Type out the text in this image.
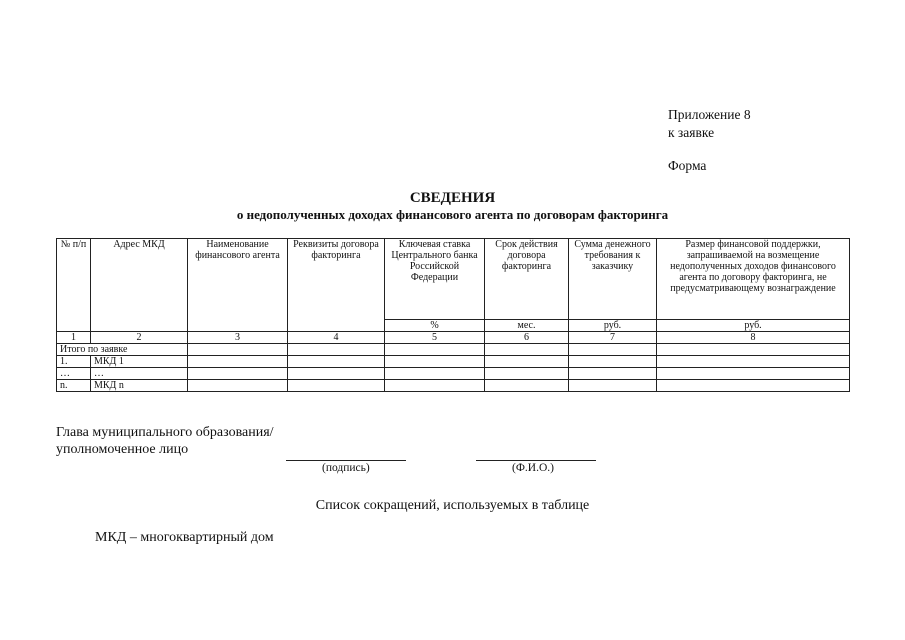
Приложение 8
к заявке
Форма
СВЕДЕНИЯ
о недополученных доходах финансового агента по договорам факторинга
№ п/п	Адрес МКД	Наименование финансового агента	Реквизиты договора факторинга	Ключевая ставка Центрального банка Российской Федерации	Срок действия договора факторинга	Сумма денежного требования к заказчику	Размер финансовой поддержки, запрашиваемой на возмещение недополученных доходов финансового агента по договору факторинга, не предусматривающему вознаграждение
				%	мес.	руб.	руб.
1	2	3	4	5	6	7	8
Итого по заявке							
1.	МКД 1						
…	…						
n.	МКД n						
Глава муниципального образования/
уполномоченное лицо
(подпись)	(Ф.И.О.)
Список сокращений, используемых в таблице
МКД – многоквартирный дом
